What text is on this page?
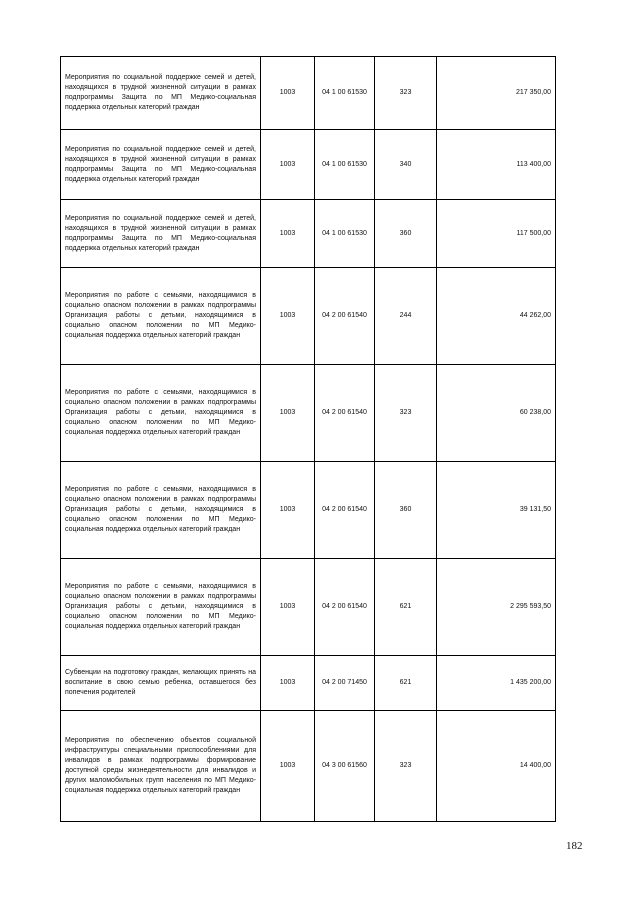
Мероприятия по социальной поддержке семей и детей, находящихся в трудной жизненной ситуации в рамках подпрограммы Защита по МП Медико-социальная поддержка отдельных категорий граждан	1003	04 1 00 61530	323	217 350,00
Мероприятия по социальной поддержке семей и детей, находящихся в трудной жизненной ситуации в рамках подпрограммы Защита по МП Медико-социальная поддержка отдельных категорий граждан	1003	04 1 00 61530	340	113 400,00
Мероприятия по социальной поддержке семей и детей, находящихся в трудной жизненной ситуации в рамках подпрограммы Защита по МП Медико-социальная поддержка отдельных категорий граждан	1003	04 1 00 61530	360	117 500,00
Мероприятия по работе с семьями, находящимися в социально опасном положении в рамках подпрограммы Организация работы с детьми, находящимися в социально опасном положении по МП Медико-социальная поддержка отдельных категорий граждан	1003	04 2 00 61540	244	44 262,00
Мероприятия по работе с семьями, находящимися в социально опасном положении в рамках подпрограммы Организация работы с детьми, находящимися в социально опасном положении по МП Медико-социальная поддержка отдельных категорий граждан	1003	04 2 00 61540	323	60 238,00
Мероприятия по работе с семьями, находящимися в социально опасном положении в рамках подпрограммы Организация работы с детьми, находящимися в социально опасном положении по МП Медико-социальная поддержка отдельных категорий граждан	1003	04 2 00 61540	360	39 131,50
Мероприятия по работе с семьями, находящимися в социально опасном положении в рамках подпрограммы Организация работы с детьми, находящимися в социально опасном положении по МП Медико-социальная поддержка отдельных категорий граждан	1003	04 2 00 61540	621	2 295 593,50
Субвенции на подготовку граждан, желающих принять на воспитание в свою семью ребенка, оставшегося без попечения родителей	1003	04 2 00 71450	621	1 435 200,00
Мероприятия по обеспечению объектов социальной инфраструктуры специальными приспособлениями для инвалидов в рамках подпрограммы формирование доступной среды жизнедеятельности для инвалидов и других маломобильных групп населения по МП Медико-социальная поддержка отдельных категорий граждан	1003	04 3 00 61560	323	14 400,00
182
